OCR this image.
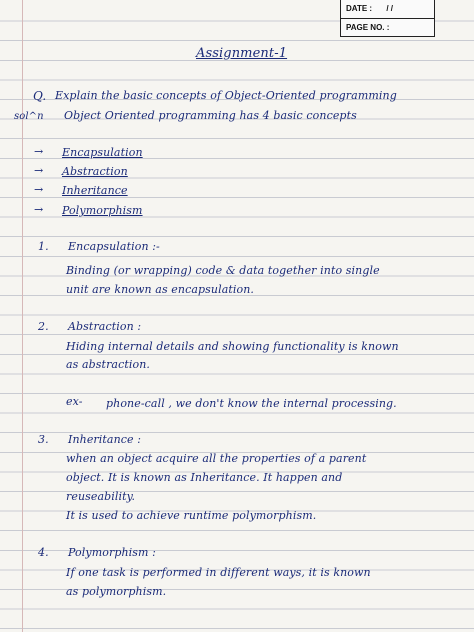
DATE : / /
PAGE NO. :
Assignment-1
Q. Explain the basic concepts of Object-Oriented programming
sol^n Object Oriented programming has 4 basic concepts
→ Encapsulation
→ Abstraction
→ Inheritance
→ Polymorphism
1. Encapsulation :-
Binding (or wrapping) code & data together into single
unit are known as encapsulation.
2. Abstraction :
Hiding internal details and showing functionality is known
as abstraction.
ex- phone-call , we don't know the internal processing.
3. Inheritance :
when an object acquire all the properties of a parent
object. It is known as Inheritance. It happen and
reuseability.
It is used to achieve runtime polymorphism.
4. Polymorphism :
If one task is performed in different ways, it is known
as polymorphism.
